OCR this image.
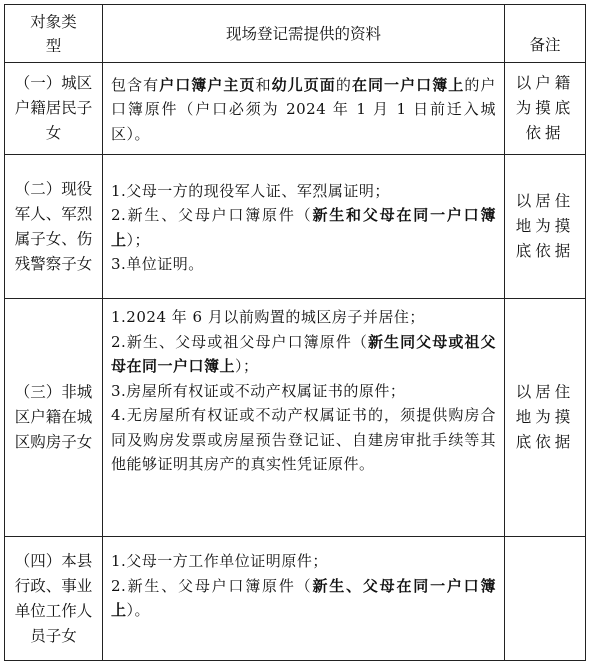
对象类型	现场登记需提供的资料	备注
（一）城区户籍居民子女	包含有户口簿户主页和幼儿页面的在同一户口簿上的户口簿原件（户口必须为 2024 年 1 月 1 日前迁入城区）。	以户籍为摸底依据
（二）现役军人、军烈属子女、伤残警察子女	1.父母一方的现役军人证、军烈属证明；
2.新生、父母户口簿原件（新生和父母在同一户口簿上）；
3.单位证明。	以居住地为摸底依据
（三）非城区户籍在城区购房子女	1.2024 年 6 月以前购置的城区房子并居住；
2.新生、父母或祖父母户口簿原件（新生同父母或祖父母在同一户口簿上）；
3.房屋所有权证或不动产权属证书的原件；
4.无房屋所有权证或不动产权属证书的，须提供购房合同及购房发票或房屋预告登记证、自建房审批手续等其他能够证明其房产的真实性凭证原件。	以居住地为摸底依据
（四）本县行政、事业单位工作人员子女	1.父母一方工作单位证明原件；
2.新生、父母户口簿原件（新生、父母在同一户口簿上）。	
